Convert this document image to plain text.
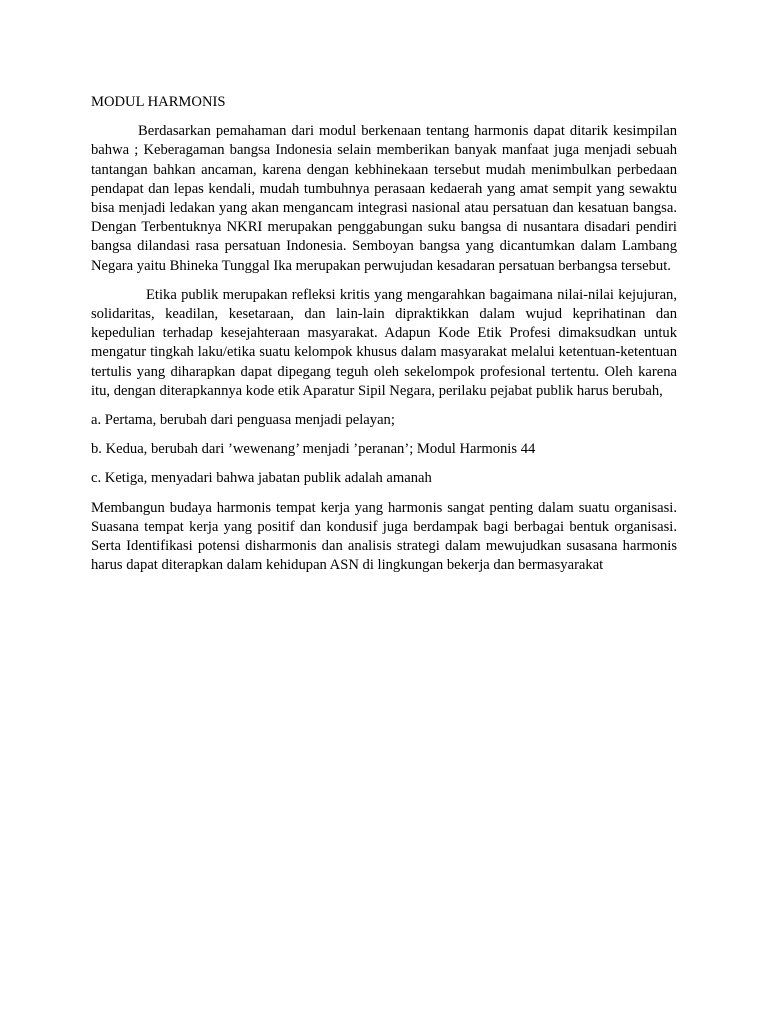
MODUL HARMONIS

Berdasarkan pemahaman dari modul berkenaan tentang harmonis dapat ditarik kesimpilan bahwa ; Keberagaman bangsa Indonesia selain memberikan banyak manfaat juga menjadi sebuah tantangan bahkan ancaman, karena dengan kebhinekaan tersebut mudah menimbulkan perbedaan pendapat dan lepas kendali, mudah tumbuhnya perasaan kedaerah yang amat sempit yang sewaktu bisa menjadi ledakan yang akan mengancam integrasi nasional atau persatuan dan kesatuan bangsa. Dengan Terbentuknya NKRI merupakan penggabungan suku bangsa di nusantara disadari pendiri bangsa dilandasi rasa persatuan Indonesia. Semboyan bangsa yang dicantumkan dalam Lambang Negara yaitu Bhineka Tunggal Ika merupakan perwujudan kesadaran persatuan berbangsa tersebut.

Etika publik merupakan refleksi kritis yang mengarahkan bagaimana nilai-nilai kejujuran, solidaritas, keadilan, kesetaraan, dan lain-lain dipraktikkan dalam wujud keprihatinan dan kepedulian terhadap kesejahteraan masyarakat. Adapun Kode Etik Profesi dimaksudkan untuk mengatur tingkah laku/etika suatu kelompok khusus dalam masyarakat melalui ketentuan-ketentuan tertulis yang diharapkan dapat dipegang teguh oleh sekelompok profesional tertentu. Oleh karena itu, dengan diterapkannya kode etik Aparatur Sipil Negara, perilaku pejabat publik harus berubah,

a. Pertama, berubah dari penguasa menjadi pelayan;

b. Kedua, berubah dari ’wewenang’ menjadi ’peranan’; Modul Harmonis 44

c. Ketiga, menyadari bahwa jabatan publik adalah amanah

Membangun budaya harmonis tempat kerja yang harmonis sangat penting dalam suatu organisasi. Suasana tempat kerja yang positif dan kondusif juga berdampak bagi berbagai bentuk organisasi. Serta Identifikasi potensi disharmonis dan analisis strategi dalam mewujudkan susasana harmonis harus dapat diterapkan dalam kehidupan ASN di lingkungan bekerja dan bermasyarakat
